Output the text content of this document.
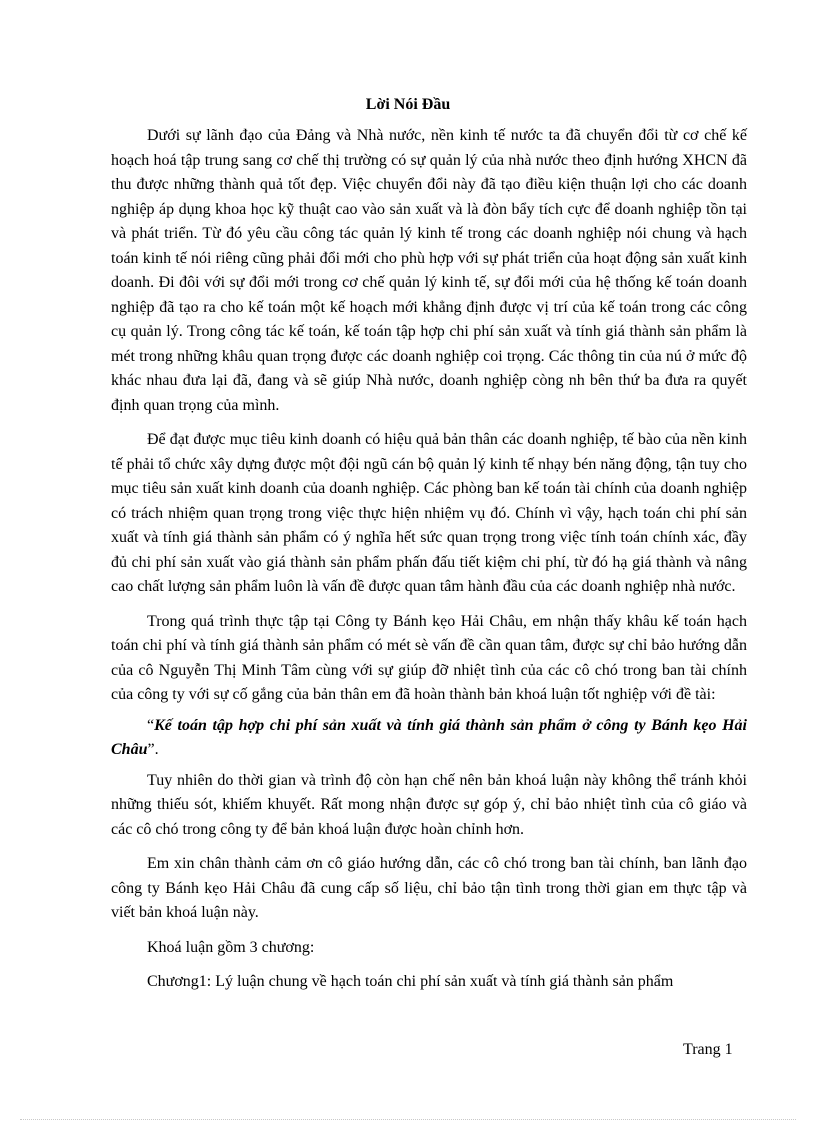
Lời Nói Đầu

Dưới sự lãnh đạo của Đảng và Nhà nước, nền kinh tế nước ta đã chuyển đổi từ cơ chế kế hoạch hoá tập trung sang cơ chế thị trường có sự quản lý của nhà nước theo định hướng XHCN đã thu được những thành quả tốt đẹp. Việc chuyển đổi này đã tạo điều kiện thuận lợi cho các doanh nghiệp áp dụng khoa học kỹ thuật cao vào sản xuất và là đòn bẩy tích cực để doanh nghiệp tồn tại và phát triển. Từ đó yêu cầu công tác quản lý kinh tế trong các doanh nghiệp nói chung và hạch toán kinh tế nói riêng cũng phải đổi mới cho phù hợp với sự phát triển của hoạt động sản xuất kinh doanh. Đi đôi với sự đổi mới trong cơ chế quản lý kinh tế, sự đổi mới của hệ thống kế toán doanh nghiệp đã tạo ra cho kế toán một kế hoạch mới khẳng định được vị trí của kế toán trong các công cụ quản lý. Trong công tác kế toán, kế toán tập hợp chi phí sản xuất và tính giá thành sản phẩm là mét trong những khâu quan trọng được các doanh nghiệp coi trọng. Các thông tin của nú ở mức độ khác nhau đưa lại đã, đang và sẽ giúp Nhà nước, doanh nghiệp còng nh bên thứ ba đưa ra quyết định quan trọng của mình.

Để đạt được mục tiêu kinh doanh có hiệu quả bản thân các doanh nghiệp, tế bào của nền kinh tế phải tổ chức xây dựng được một đội ngũ cán bộ quản lý kinh tế nhạy bén năng động, tận tuy cho mục tiêu sản xuất kinh doanh của doanh nghiệp. Các phòng ban kế toán tài chính của doanh nghiệp có trách nhiệm quan trọng trong việc thực hiện nhiệm vụ đó. Chính vì vậy, hạch toán chi phí sản xuất và tính giá thành sản phẩm có ý nghĩa hết sức quan trọng trong việc tính toán chính xác, đầy đủ chi phí sản xuất vào giá thành sản phẩm phấn đấu tiết kiệm chi phí, từ đó hạ giá thành và nâng cao chất lượng sản phẩm luôn là vấn đề được quan tâm hành đầu của các doanh nghiệp nhà nước.

Trong quá trình thực tập tại Công ty Bánh kẹo Hải Châu, em nhận thấy khâu kế toán hạch toán chi phí và tính giá thành sản phẩm có mét sè vấn đề cần quan tâm, được sự chỉ bảo hướng dẫn của cô Nguyễn Thị Minh Tâm cùng với sự giúp đỡ nhiệt tình của các cô chó trong ban tài chính của công ty với sự cố gắng của bản thân em đã hoàn thành bản khoá luận tốt nghiệp với đề tài:

“Kế toán tập hợp chi phí sản xuất và tính giá thành sản phẩm ở công ty Bánh kẹo Hải Châu”.

Tuy nhiên do thời gian và trình độ còn hạn chế nên bản khoá luận này không thể tránh khỏi những thiếu sót, khiếm khuyết. Rất mong nhận được sự góp ý, chỉ bảo nhiệt tình của cô giáo và các cô chó trong công ty để bản khoá luận được hoàn chỉnh hơn.

Em xin chân thành cảm ơn cô giáo hướng dẫn, các cô chó trong ban tài chính, ban lãnh đạo công ty Bánh kẹo Hải Châu đã cung cấp số liệu, chỉ bảo tận tình trong thời gian em thực tập và viết bản khoá luận này.

Khoá luận gồm 3 chương:

Chương1: Lý luận chung về hạch toán chi phí sản xuất và tính giá thành sản phẩm

Trang 1
